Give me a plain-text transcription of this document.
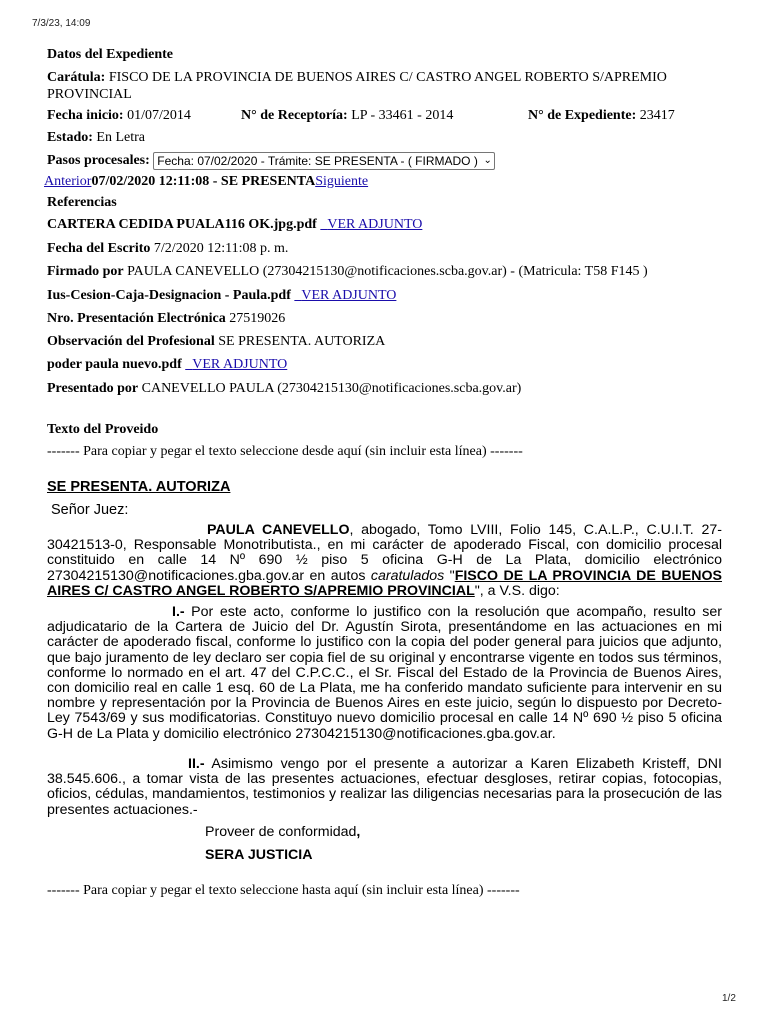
7/3/23, 14:09
Datos del Expediente
Carátula: FISCO DE LA PROVINCIA DE BUENOS AIRES C/ CASTRO ANGEL ROBERTO S/APREMIO
PROVINCIAL
Fecha inicio: 01/07/2014	N° de Receptoría: LP - 33461 - 2014	N° de Expediente: 23417
Estado: En Letra
Pasos procesales: Fecha: 07/02/2020 - Trámite: SE PRESENTA - ( FIRMADO ) ⌄
Anterior07/02/2020 12:11:08 - SE PRESENTASiguiente
Referencias
CARTERA CEDIDA PUALA116 OK.jpg.pdf VER ADJUNTO
Fecha del Escrito 7/2/2020 12:11:08 p. m.
Firmado por PAULA CANEVELLO (27304215130@notificaciones.scba.gov.ar) - (Matricula: T58 F145 )
Ius-Cesion-Caja-Designacion - Paula.pdf VER ADJUNTO
Nro. Presentación Electrónica 27519026
Observación del Profesional SE PRESENTA. AUTORIZA
poder paula nuevo.pdf VER ADJUNTO
Presentado por CANEVELLO PAULA (27304215130@notificaciones.scba.gov.ar)
Texto del Proveido
------- Para copiar y pegar el texto seleccione desde aquí (sin incluir esta línea) -------
SE PRESENTA. AUTORIZA
Señor Juez:
PAULA CANEVELLO, abogado, Tomo LVIII, Folio 145, C.A.L.P., C.U.I.T. 27-30421513-0, Responsable Monotributista., en mi carácter de apoderado Fiscal, con domicilio procesal constituido en calle 14 Nº 690 ½ piso 5 oficina G-H de La Plata, domicilio electrónico 27304215130@notificaciones.gba.gov.ar en autos caratulados "FISCO DE LA PROVINCIA DE BUENOS AIRES C/ CASTRO ANGEL ROBERTO S/APREMIO PROVINCIAL", a V.S. digo:
I.- Por este acto, conforme lo justifico con la resolución que acompaño, resulto ser adjudicatario de la Cartera de Juicio del Dr. Agustín Sirota, presentándome en las actuaciones en mi carácter de apoderado fiscal, conforme lo justifico con la copia del poder general para juicios que adjunto, que bajo juramento de ley declaro ser copia fiel de su original y encontrarse vigente en todos sus términos, conforme lo normado en el art. 47 del C.P.C.C., el Sr. Fiscal del Estado de la Provincia de Buenos Aires, con domicilio real en calle 1 esq. 60 de La Plata, me ha conferido mandato suficiente para intervenir en su nombre y representación por la Provincia de Buenos Aires en este juicio, según lo dispuesto por Decreto-Ley 7543/69 y sus modificatorias. Constituyo nuevo domicilio procesal en calle 14 Nº 690 ½ piso 5 oficina G-H de La Plata y domicilio electrónico 27304215130@notificaciones.gba.gov.ar.
II.- Asimismo vengo por el presente a autorizar a Karen Elizabeth Kristeff, DNI 38.545.606., a tomar vista de las presentes actuaciones, efectuar desgloses, retirar copias, fotocopias, oficios, cédulas, mandamientos, testimonios y realizar las diligencias necesarias para la prosecución de las presentes actuaciones.-
Proveer de conformidad,
SERA JUSTICIA
------- Para copiar y pegar el texto seleccione hasta aquí (sin incluir esta línea) -------
1/2
